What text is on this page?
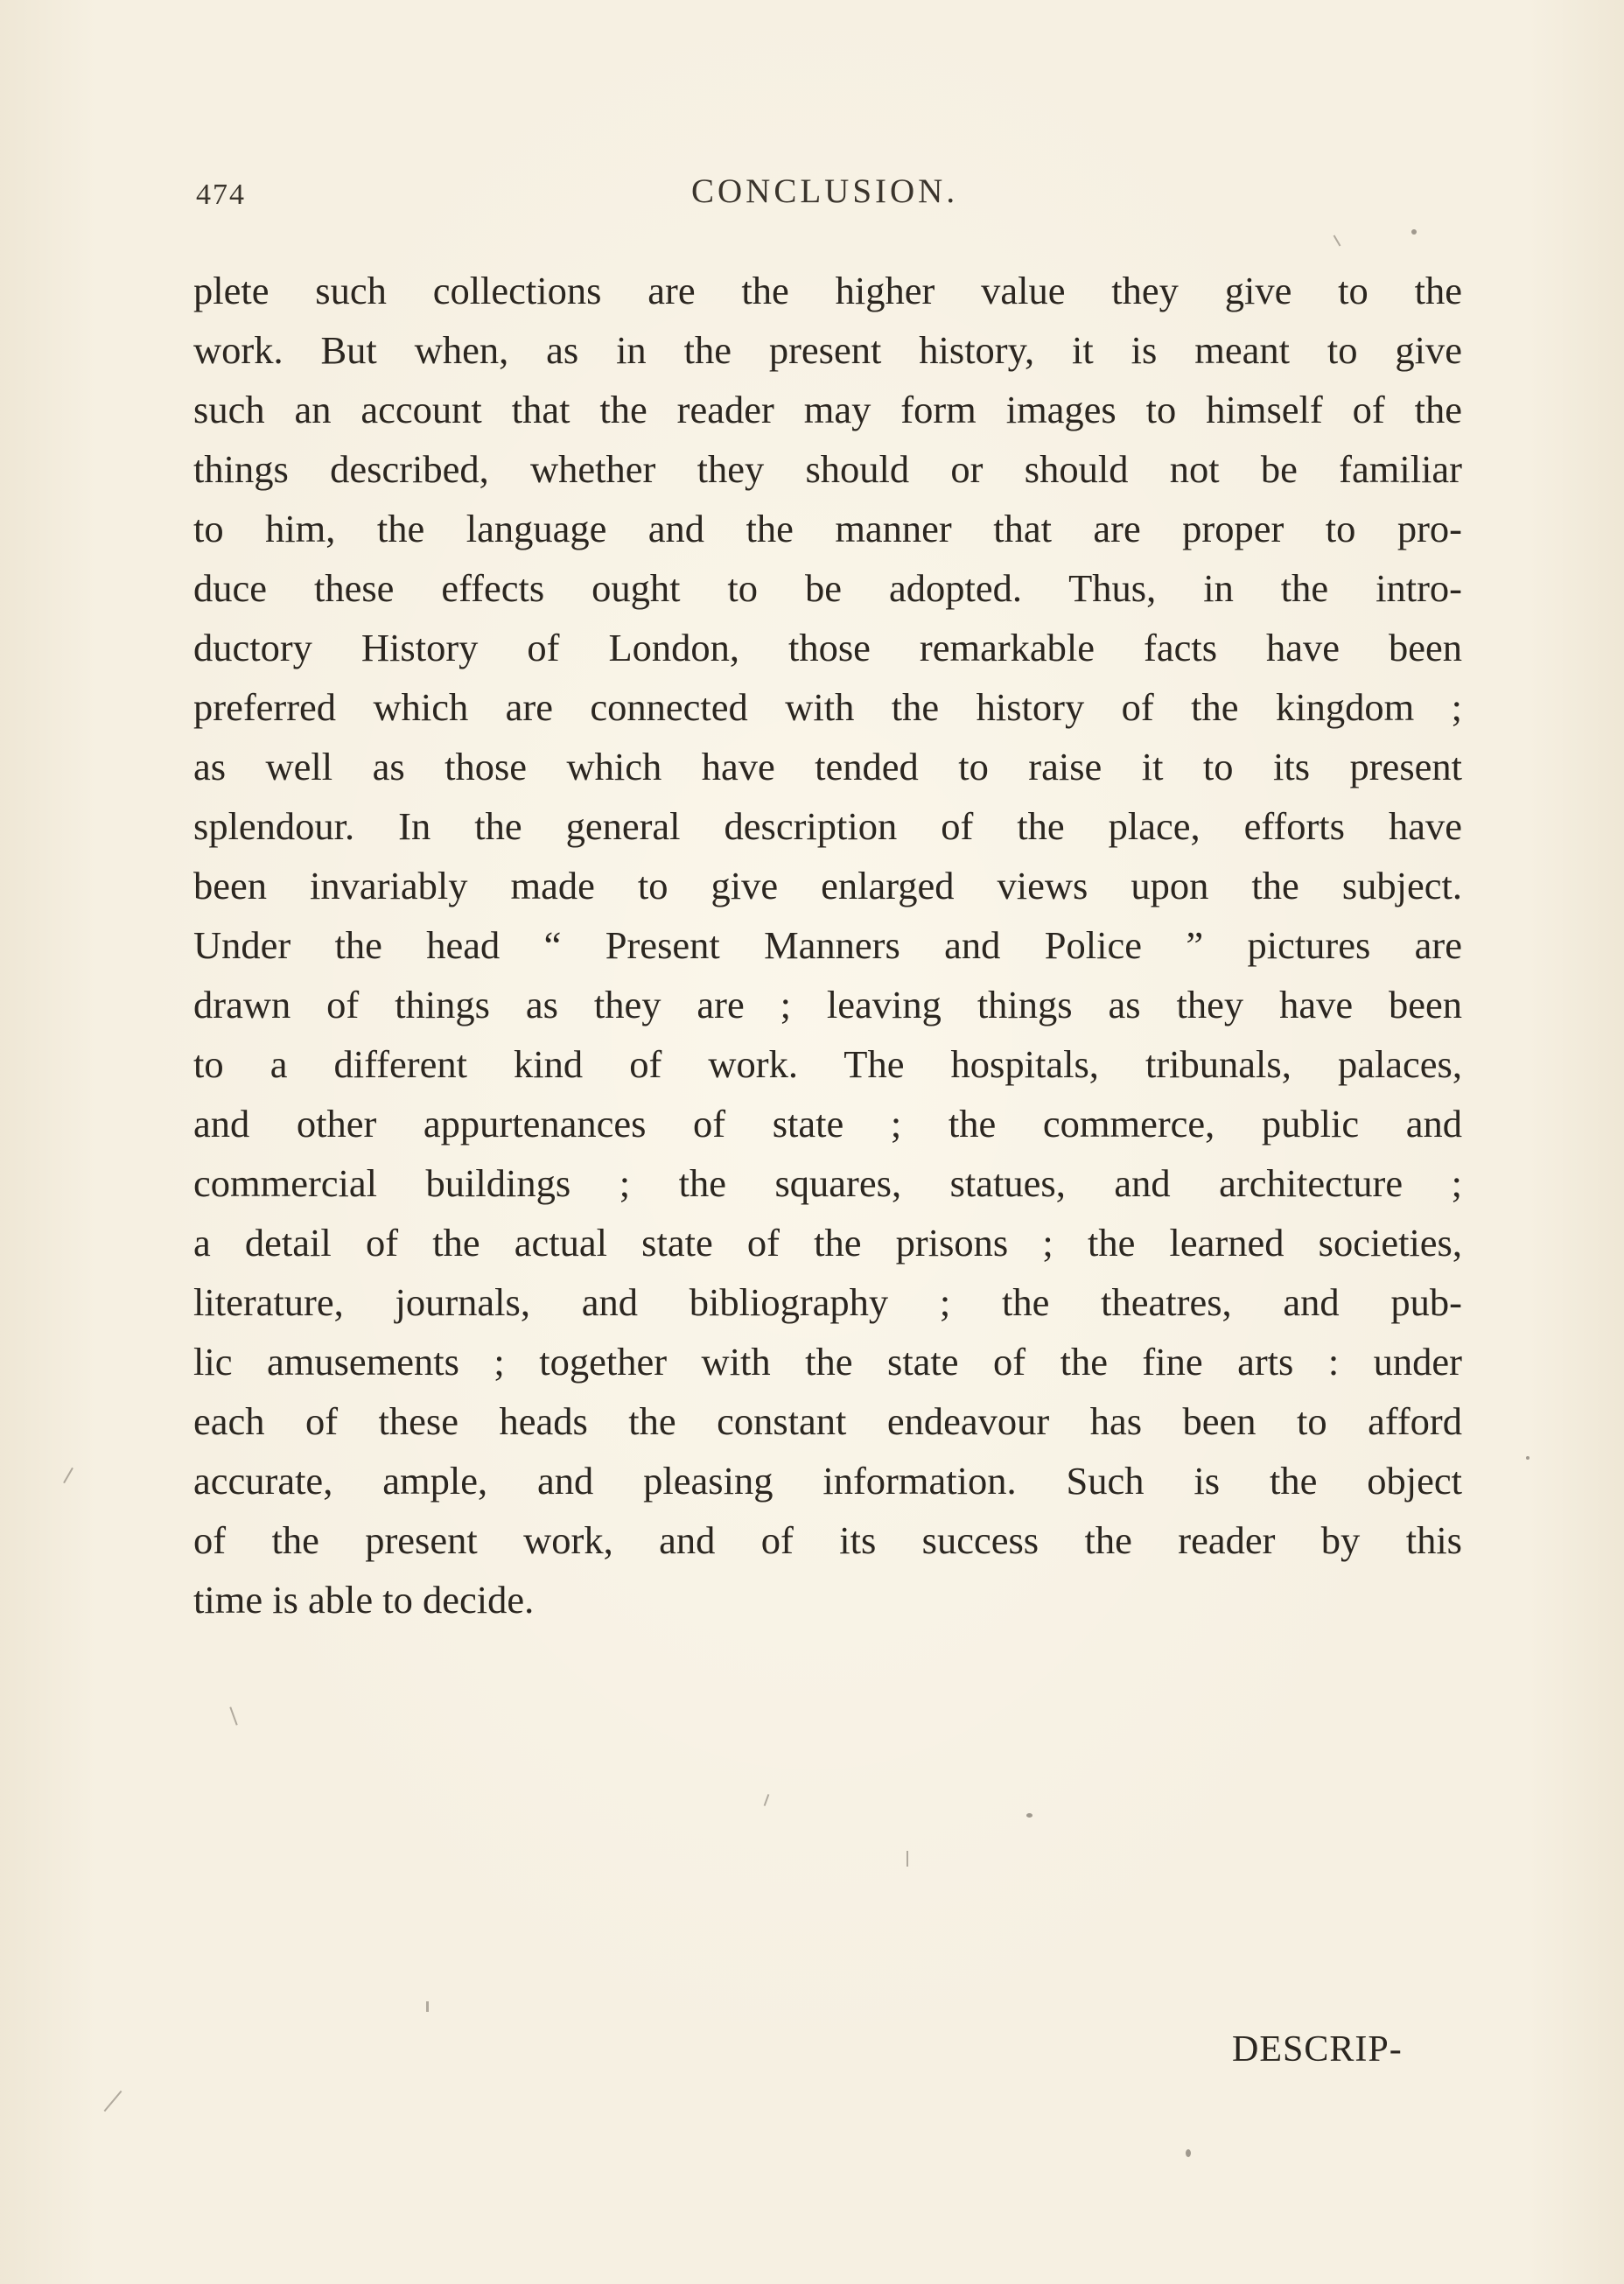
474	CONCLUSION.
plete such collections are the higher value they give to the
work. But when, as in the present history, it is meant to give
such an account that the reader may form images to himself of the
things described, whether they should or should not be familiar
to him, the language and the manner that are proper to pro-
duce these effects ought to be adopted. Thus, in the intro-
ductory History of London, those remarkable facts have been
preferred which are connected with the history of the kingdom ;
as well as those which have tended to raise it to its present
splendour. In the general description of the place, efforts have
been invariably made to give enlarged views upon the subject.
Under the head “ Present Manners and Police ” pictures are
drawn of things as they are ; leaving things as they have been
to a different kind of work. The hospitals, tribunals, palaces,
and other appurtenances of state ; the commerce, public and
commercial buildings ; the squares, statues, and architecture ;
a detail of the actual state of the prisons ; the learned societies,
literature, journals, and bibliography ; the theatres, and pub-
lic amusements ; together with the state of the fine arts : under
each of these heads the constant endeavour has been to afford
accurate, ample, and pleasing information. Such is the object
of the present work, and of its success the reader by this
time is able to decide.
DESCRIP-
